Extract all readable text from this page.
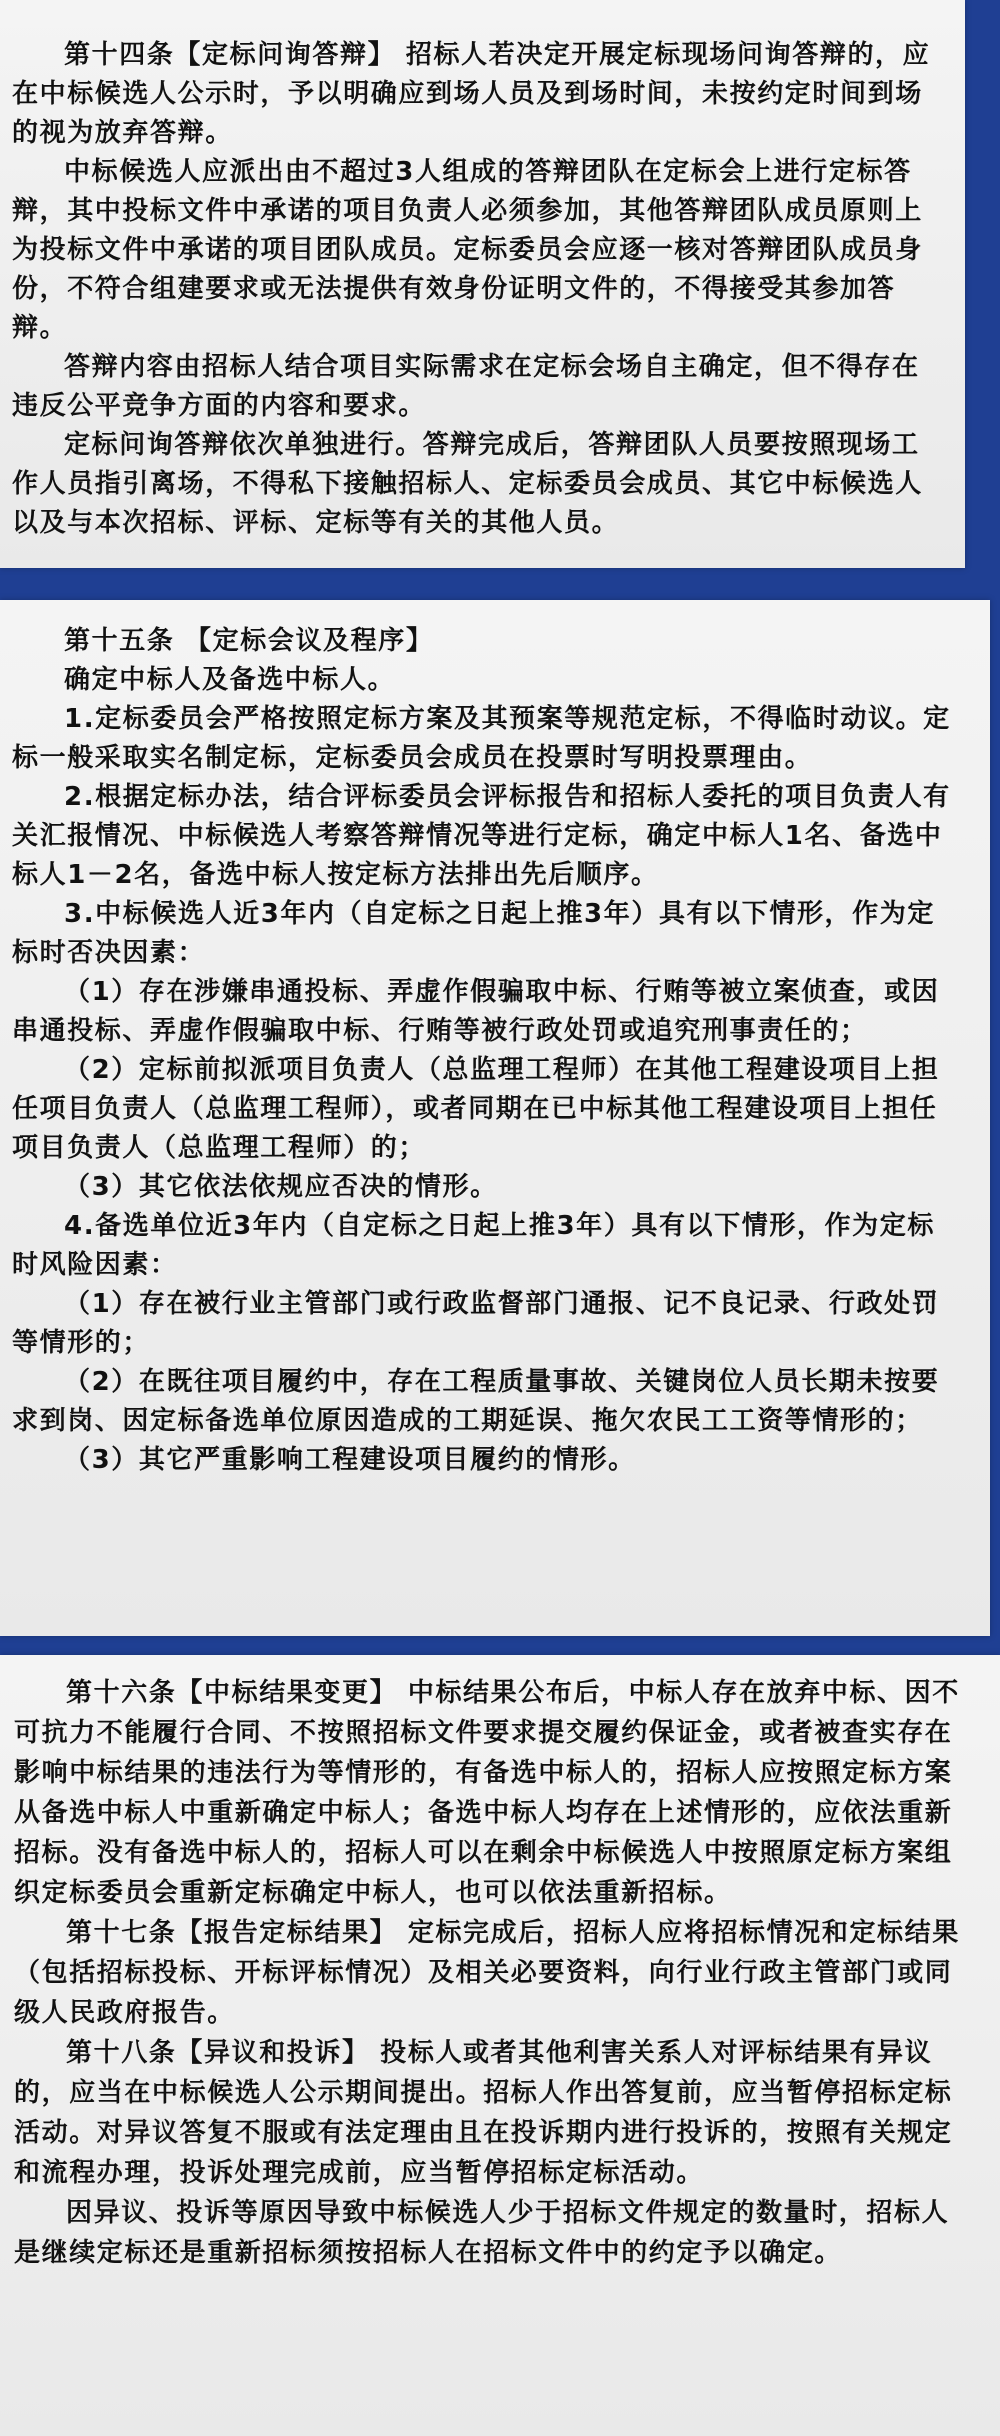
第十四条【定标问询答辩】 招标人若决定开展定标现场问询答辩的，应在中标候选人公示时，予以明确应到场人员及到场时间，未按约定时间到场的视为放弃答辩。

中标候选人应派出由不超过3人组成的答辩团队在定标会上进行定标答辩，其中投标文件中承诺的项目负责人必须参加，其他答辩团队成员原则上为投标文件中承诺的项目团队成员。定标委员会应逐一核对答辩团队成员身份，不符合组建要求或无法提供有效身份证明文件的，不得接受其参加答辩。

答辩内容由招标人结合项目实际需求在定标会场自主确定，但不得存在违反公平竞争方面的内容和要求。

定标问询答辩依次单独进行。答辩完成后，答辩团队人员要按照现场工作人员指引离场，不得私下接触招标人、定标委员会成员、其它中标候选人以及与本次招标、评标、定标等有关的其他人员。

第十五条 【定标会议及程序】

确定中标人及备选中标人。

1.定标委员会严格按照定标方案及其预案等规范定标，不得临时动议。定标一般采取实名制定标，定标委员会成员在投票时写明投票理由。

2.根据定标办法，结合评标委员会评标报告和招标人委托的项目负责人有关汇报情况、中标候选人考察答辩情况等进行定标，确定中标人1名、备选中标人1－2名，备选中标人按定标方法排出先后顺序。

3.中标候选人近3年内（自定标之日起上推3年）具有以下情形，作为定标时否决因素：

（1）存在涉嫌串通投标、弄虚作假骗取中标、行贿等被立案侦查，或因串通投标、弄虚作假骗取中标、行贿等被行政处罚或追究刑事责任的；

（2）定标前拟派项目负责人（总监理工程师）在其他工程建设项目上担任项目负责人（总监理工程师），或者同期在已中标其他工程建设项目上担任项目负责人（总监理工程师）的；

（3）其它依法依规应否决的情形。

4.备选单位近3年内（自定标之日起上推3年）具有以下情形，作为定标时风险因素：

（1）存在被行业主管部门或行政监督部门通报、记不良记录、行政处罚等情形的；

（2）在既往项目履约中，存在工程质量事故、关键岗位人员长期未按要求到岗、因定标备选单位原因造成的工期延误、拖欠农民工工资等情形的；

（3）其它严重影响工程建设项目履约的情形。

第十六条【中标结果变更】 中标结果公布后，中标人存在放弃中标、因不可抗力不能履行合同、不按照招标文件要求提交履约保证金，或者被查实存在影响中标结果的违法行为等情形的，有备选中标人的，招标人应按照定标方案从备选中标人中重新确定中标人；备选中标人均存在上述情形的，应依法重新招标。没有备选中标人的，招标人可以在剩余中标候选人中按照原定标方案组织定标委员会重新定标确定中标人，也可以依法重新招标。

第十七条【报告定标结果】 定标完成后，招标人应将招标情况和定标结果（包括招标投标、开标评标情况）及相关必要资料，向行业行政主管部门或同级人民政府报告。

第十八条【异议和投诉】 投标人或者其他利害关系人对评标结果有异议的，应当在中标候选人公示期间提出。招标人作出答复前，应当暂停招标定标活动。对异议答复不服或有法定理由且在投诉期内进行投诉的，按照有关规定和流程办理，投诉处理完成前，应当暂停招标定标活动。

因异议、投诉等原因导致中标候选人少于招标文件规定的数量时，招标人是继续定标还是重新招标须按招标人在招标文件中的约定予以确定。
